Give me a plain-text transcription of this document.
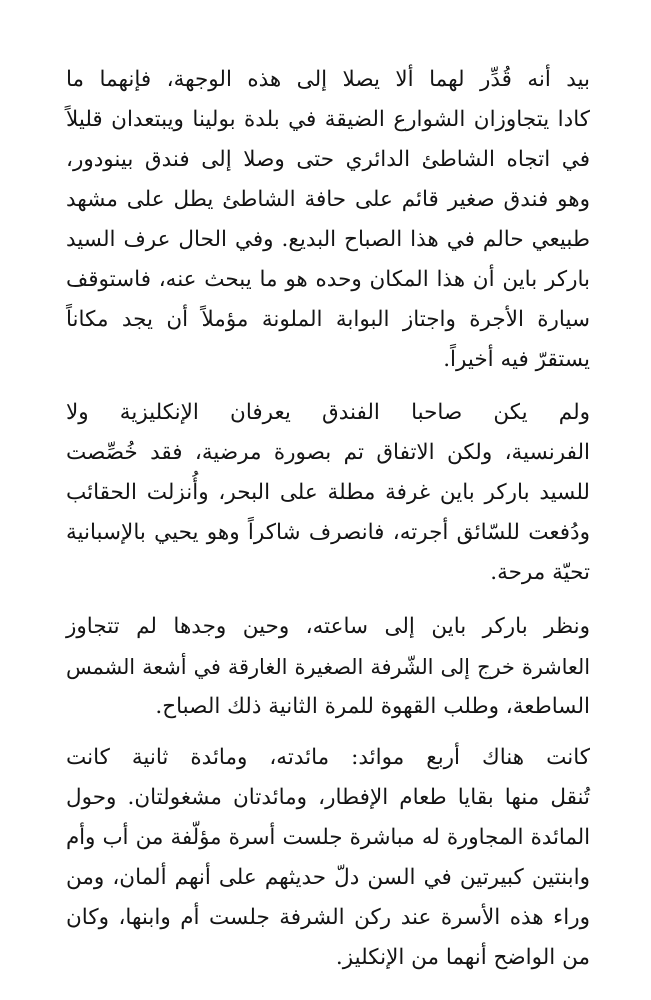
بيد أنه قُدِّر لهما ألا يصلا إلى هذه الوجهة، فإنهما ما
كادا يتجاوزان الشوارع الضيقة في بلدة بولينا ويبتعدان قليلاً
في اتجاه الشاطئ الدائري حتى وصلا إلى فندق بينودور،
وهو فندق صغير قائم على حافة الشاطئ يطل على مشهد
طبيعي حالم في هذا الصباح البديع. وفي الحال عرف السيد
باركر باين أن هذا المكان وحده هو ما يبحث عنه، فاستوقف
سيارة الأجرة واجتاز البوابة الملونة مؤملاً أن يجد مكاناً
يستقرّ فيه أخيراً.

ولم يكن صاحبا الفندق يعرفان الإنكليزية ولا
الفرنسية، ولكن الاتفاق تم بصورة مرضية، فقد خُصِّصت
للسيد باركر باين غرفة مطلة على البحر، وأُنزلت الحقائب
ودُفعت للسّائق أجرته، فانصرف شاكراً وهو يحيي بالإسبانية
تحيّة مرحة.

ونظر باركر باين إلى ساعته، وحين وجدها لم تتجاوز
العاشرة خرج إلى الشّرفة الصغيرة الغارقة في أشعة الشمس
الساطعة، وطلب القهوة للمرة الثانية ذلك الصباح.

كانت هناك أربع موائد: مائدته، ومائدة ثانية كانت
تُنقل منها بقايا طعام الإفطار، ومائدتان مشغولتان. وحول
المائدة المجاورة له مباشرة جلست أسرة مؤلّفة من أب وأم
وابنتين كبيرتين في السن دلّ حديثهم على أنهم ألمان، ومن
وراء هذه الأسرة عند ركن الشرفة جلست أم وابنها، وكان
من الواضح أنهما من الإنكليز.
